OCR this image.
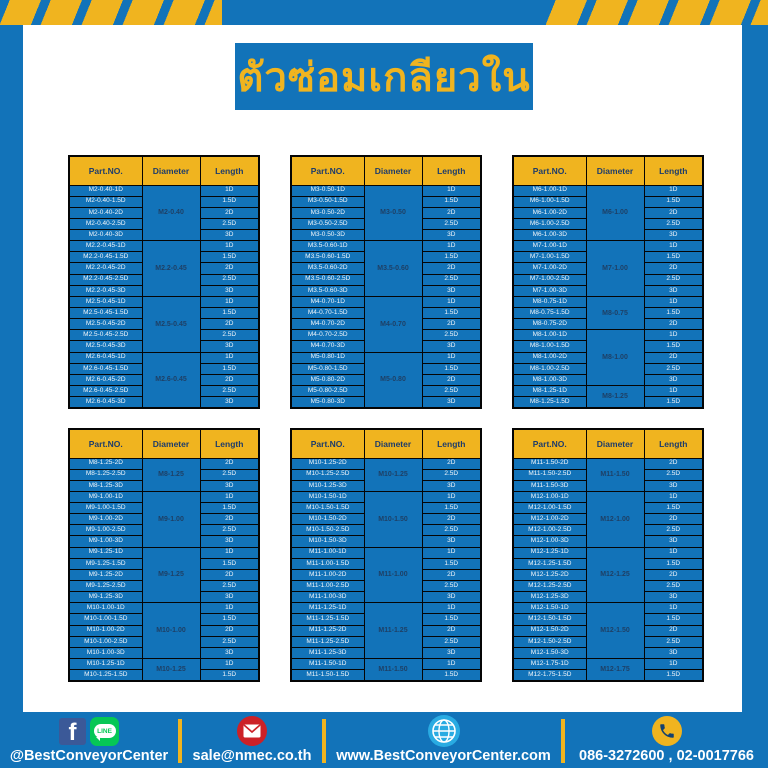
ตัวซ่อมเกลียวใน
Part.NO.	Diameter	Length
M2-0.40-1D	M2-0.40	1D
M2-0.40-1.5D		1.5D
M2-0.40-2D		2D
M2-0.40-2.5D		2.5D
M2-0.40-3D		3D
M2.2-0.45-1D	M2.2-0.45	1D
M2.2-0.45-1.5D		1.5D
M2.2-0.45-2D		2D
M2.2-0.45-2.5D		2.5D
M2.2-0.45-3D		3D
M2.5-0.45-1D	M2.5-0.45	1D
M2.5-0.45-1.5D		1.5D
M2.5-0.45-2D		2D
M2.5-0.45-2.5D		2.5D
M2.5-0.45-3D		3D
M2.6-0.45-1D	M2.6-0.45	1D
M2.6-0.45-1.5D		1.5D
M2.6-0.45-2D		2D
M2.6-0.45-2.5D		2.5D
M2.6-0.45-3D		3D
Part.NO.	Diameter	Length
M3-0.50-1D	M3-0.50	1D
M3-0.50-1.5D		1.5D
M3-0.50-2D		2D
M3-0.50-2.5D		2.5D
M3-0.50-3D		3D
M3.5-0.60-1D	M3.5-0.60	1D
M3.5-0.60-1.5D		1.5D
M3.5-0.60-2D		2D
M3.5-0.60-2.5D		2.5D
M3.5-0.60-3D		3D
M4-0.70-1D	M4-0.70	1D
M4-0.70-1.5D		1.5D
M4-0.70-2D		2D
M4-0.70-2.5D		2.5D
M4-0.70-3D		3D
M5-0.80-1D	M5-0.80	1D
M5-0.80-1.5D		1.5D
M5-0.80-2D		2D
M5-0.80-2.5D		2.5D
M5-0.80-3D		3D
Part.NO.	Diameter	Length
M6-1.00-1D	M6-1.00	1D
M6-1.00-1.5D		1.5D
M6-1.00-2D		2D
M6-1.00-2.5D		2.5D
M6-1.00-3D		3D
M7-1.00-1D	M7-1.00	1D
M7-1.00-1.5D		1.5D
M7-1.00-2D		2D
M7-1.00-2.5D		2.5D
M7-1.00-3D		3D
M8-0.75-1D	M8-0.75	1D
M8-0.75-1.5D		1.5D
M8-0.75-2D		2D
M8-1.00-1D	M8-1.00	1D
M8-1.00-1.5D		1.5D
M8-1.00-2D		2D
M8-1.00-2.5D		2.5D
M8-1.00-3D		3D
M8-1.25-1D	M8-1.25	1D
M8-1.25-1.5D		1.5D
Part.NO.	Diameter	Length
M8-1.25-2D	M8-1.25	2D
M8-1.25-2.5D		2.5D
M8-1.25-3D		3D
M9-1.00-1D	M9-1.00	1D
M9-1.00-1.5D		1.5D
M9-1.00-2D		2D
M9-1.00-2.5D		2.5D
M9-1.00-3D		3D
M9-1.25-1D	M9-1.25	1D
M9-1.25-1.5D		1.5D
M9-1.25-2D		2D
M9-1.25-2.5D		2.5D
M9-1.25-3D		3D
M10-1.00-1D	M10-1.00	1D
M10-1.00-1.5D		1.5D
M10-1.00-2D		2D
M10-1.00-2.5D		2.5D
M10-1.00-3D		3D
M10-1.25-1D	M10-1.25	1D
M10-1.25-1.5D		1.5D
Part.NO.	Diameter	Length
M10-1.25-2D	M10-1.25	2D
M10-1.25-2.5D		2.5D
M10-1.25-3D		3D
M10-1.50-1D	M10-1.50	1D
M10-1.50-1.5D		1.5D
M10-1.50-2D		2D
M10-1.50-2.5D		2.5D
M10-1.50-3D		3D
M11-1.00-1D	M11-1.00	1D
M11-1.00-1.5D		1.5D
M11-1.00-2D		2D
M11-1.00-2.5D		2.5D
M11-1.00-3D		3D
M11-1.25-1D	M11-1.25	1D
M11-1.25-1.5D		1.5D
M11-1.25-2D		2D
M11-1.25-2.5D		2.5D
M11-1.25-3D		3D
M11-1.50-1D	M11-1.50	1D
M11-1.50-1.5D		1.5D
Part.NO.	Diameter	Length
M11-1.50-2D	M11-1.50	2D
M11-1.50-2.5D		2.5D
M11-1.50-3D		3D
M12-1.00-1D	M12-1.00	1D
M12-1.00-1.5D		1.5D
M12-1.00-2D		2D
M12-1.00-2.5D		2.5D
M12-1.00-3D		3D
M12-1.25-1D	M12-1.25	1D
M12-1.25-1.5D		1.5D
M12-1.25-2D		2D
M12-1.25-2.5D		2.5D
M12-1.25-3D		3D
M12-1.50-1D	M12-1.50	1D
M12-1.50-1.5D		1.5D
M12-1.50-2D		2D
M12-1.50-2.5D		2.5D
M12-1.50-3D		3D
M12-1.75-1D	M12-1.75	1D
M12-1.75-1.5D		1.5D
f	LINE
@BestConveyorCenter sale@nmec.co.th www.BestConveyorCenter.com 086-3272600 , 02-0017766
